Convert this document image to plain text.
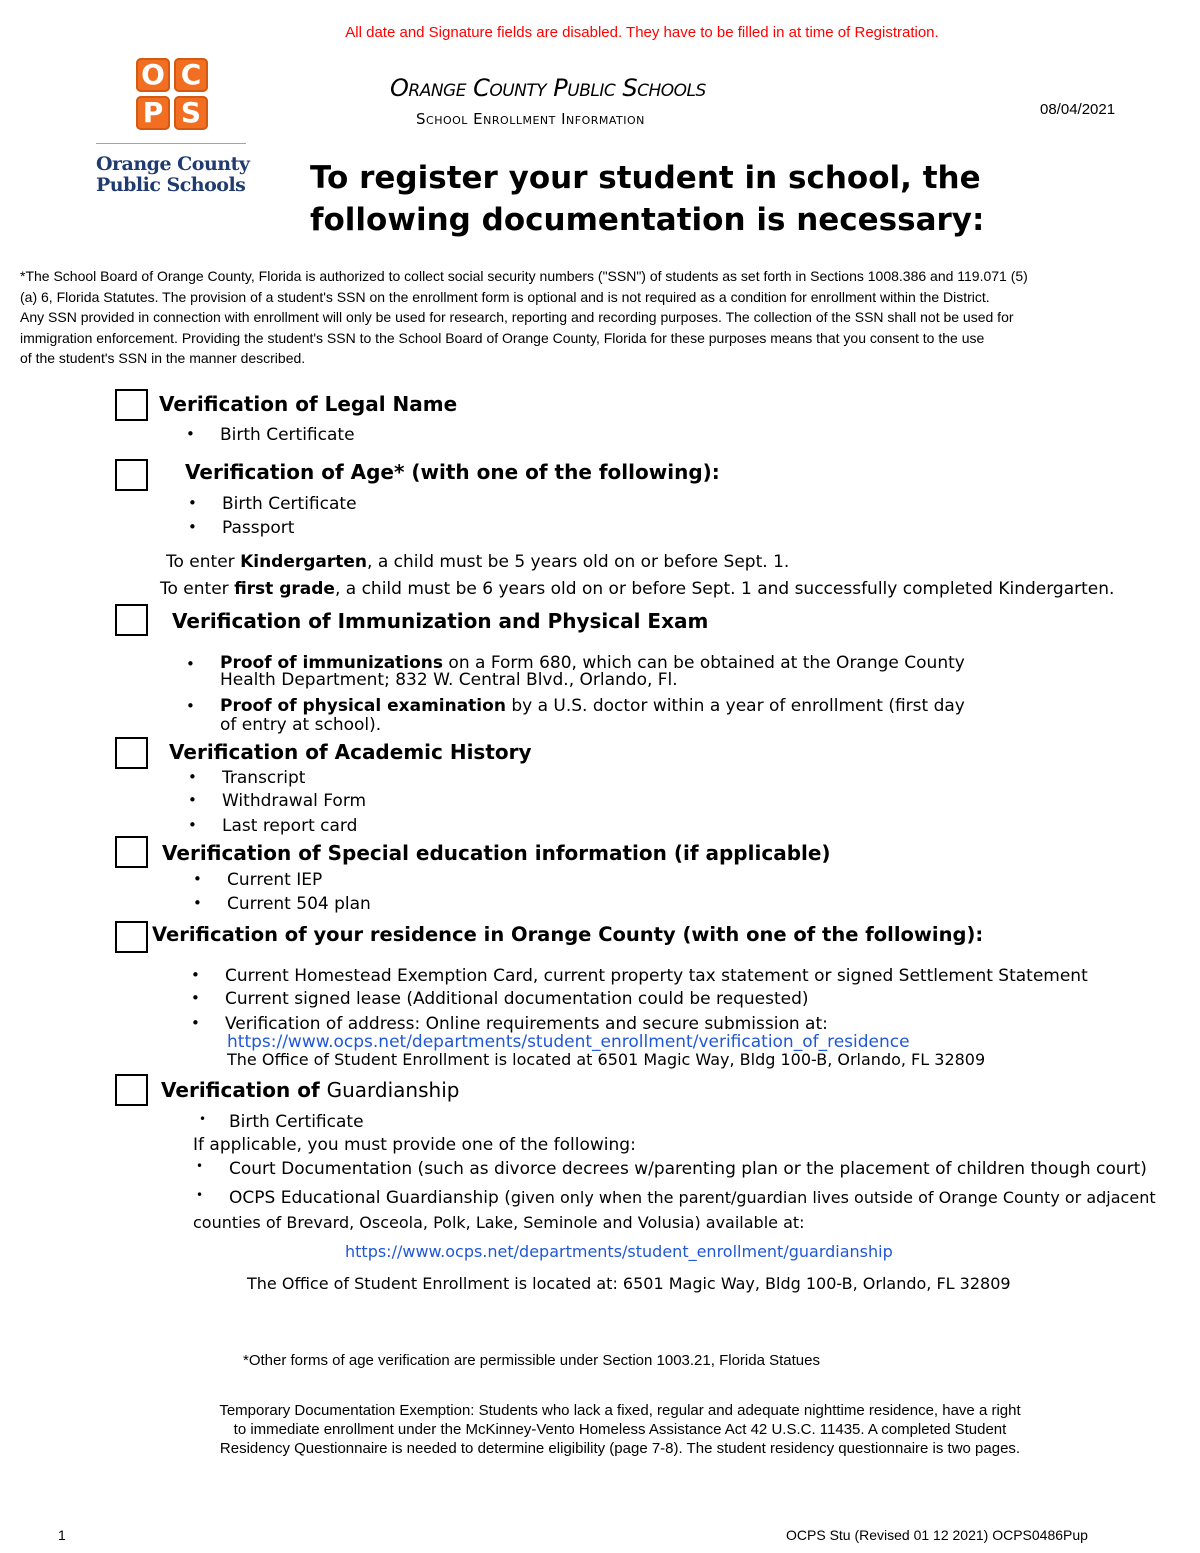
All date and Signature fields are disabled. They have to be filled in at time of Registration.
O C
P S
Orange County
Public Schools
Orange County Public Schools
School Enrollment Information
08/04/2021
To register your student in school, the
following documentation is necessary:
*The School Board of Orange County, Florida is authorized to collect social security numbers ("SSN") of students as set forth in Sections 1008.386 and 119.071 (5)
(a) 6, Florida Statutes. The provision of a student's SSN on the enrollment form is optional and is not required as a condition for enrollment within the District.
Any SSN provided in connection with enrollment will only be used for research, reporting and recording purposes. The collection of the SSN shall not be used for
immigration enforcement. Providing the student's SSN to the School Board of Orange County, Florida for these purposes means that you consent to the use
of the student's SSN in the manner described.
Verification of Legal Name
• Birth Certificate
Verification of Age* (with one of the following):
• Birth Certificate
• Passport
To enter Kindergarten, a child must be 5 years old on or before Sept. 1.
To enter first grade, a child must be 6 years old on or before Sept. 1 and successfully completed Kindergarten.
Verification of Immunization and Physical Exam
• Proof of immunizations on a Form 680, which can be obtained at the Orange County
Health Department; 832 W. Central Blvd., Orlando, Fl.
• Proof of physical examination by a U.S. doctor within a year of enrollment (first day
of entry at school).
Verification of Academic History
• Transcript
• Withdrawal Form
• Last report card
Verification of Special education information (if applicable)
• Current IEP
• Current 504 plan
Verification of your residence in Orange County (with one of the following):
• Current Homestead Exemption Card, current property tax statement or signed Settlement Statement
• Current signed lease (Additional documentation could be requested)
• Verification of address: Online requirements and secure submission at:
https://www.ocps.net/departments/student_enrollment/verification_of_residence
The Office of Student Enrollment is located at 6501 Magic Way, Bldg 100-B, Orlando, FL 32809
Verification of Guardianship
• Birth Certificate
If applicable, you must provide one of the following:
• Court Documentation (such as divorce decrees w/parenting plan or the placement of children though court)
• OCPS Educational Guardianship (given only when the parent/guardian lives outside of Orange County or adjacent
counties of Brevard, Osceola, Polk, Lake, Seminole and Volusia) available at:
https://www.ocps.net/departments/student_enrollment/guardianship
The Office of Student Enrollment is located at: 6501 Magic Way, Bldg 100-B, Orlando, FL 32809
*Other forms of age verification are permissible under Section 1003.21, Florida Statues
Temporary Documentation Exemption: Students who lack a fixed, regular and adequate nighttime residence, have a right
to immediate enrollment under the McKinney-Vento Homeless Assistance Act 42 U.S.C. 11435. A completed Student
Residency Questionnaire is needed to determine eligibility (page 7-8). The student residency questionnaire is two pages.
1	OCPS Stu (Revised 01 12 2021) OCPS0486Pup
